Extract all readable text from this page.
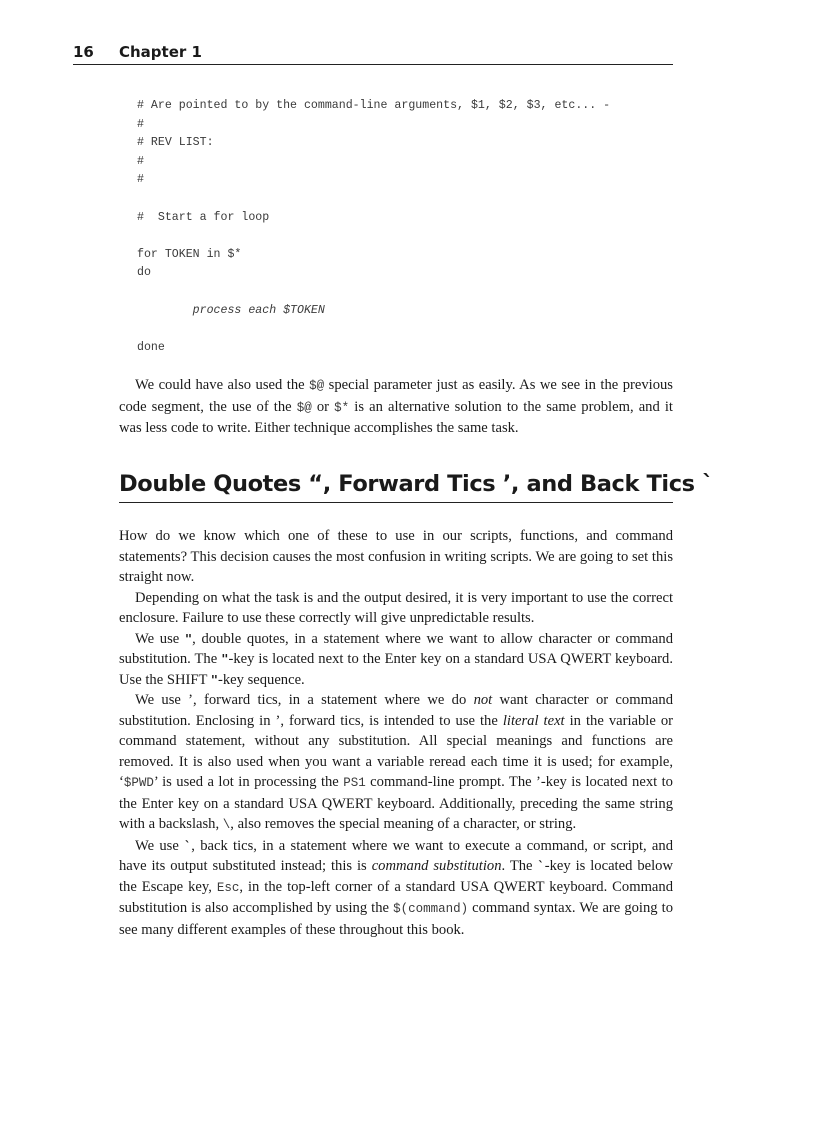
16 Chapter 1
# Are pointed to by the command-line arguments, $1, $2, $3, etc... -
#
# REV LIST:
#
#
#  Start a for loop
for TOKEN in $*
do
process each $TOKEN
done

We could have also used the $@ special parameter just as easily. As we see in the previous code segment, the use of the $@ or $* is an alternative solution to the same problem, and it was less code to write. Either technique accomplishes the same task.

Double Quotes “, Forward Tics ’, and Back Tics `

How do we know which one of these to use in our scripts, functions, and command statements? This decision causes the most confusion in writing scripts. We are going to set this straight now.

Depending on what the task is and the output desired, it is very important to use the correct enclosure. Failure to use these correctly will give unpredictable results.

We use ", double quotes, in a statement where we want to allow character or command substitution. The "-key is located next to the Enter key on a standard USA QWERT keyboard. Use the SHIFT "-key sequence.

We use ’, forward tics, in a statement where we do not want character or command substitution. Enclosing in ’, forward tics, is intended to use the literal text in the variable or command statement, without any substitution. All special meanings and functions are removed. It is also used when you want a variable reread each time it is used; for example, ‘$PWD’ is used a lot in processing the PS1 command-line prompt. The ’-key is located next to the Enter key on a standard USA QWERT keyboard. Additionally, preceding the same string with a backslash, \, also removes the special meaning of a character, or string.

We use `, back tics, in a statement where we want to execute a command, or script, and have its output substituted instead; this is command substitution. The `-key is located below the Escape key, Esc, in the top-left corner of a standard USA QWERT keyboard. Command substitution is also accomplished by using the $(command) command syntax. We are going to see many different examples of these throughout this book.
